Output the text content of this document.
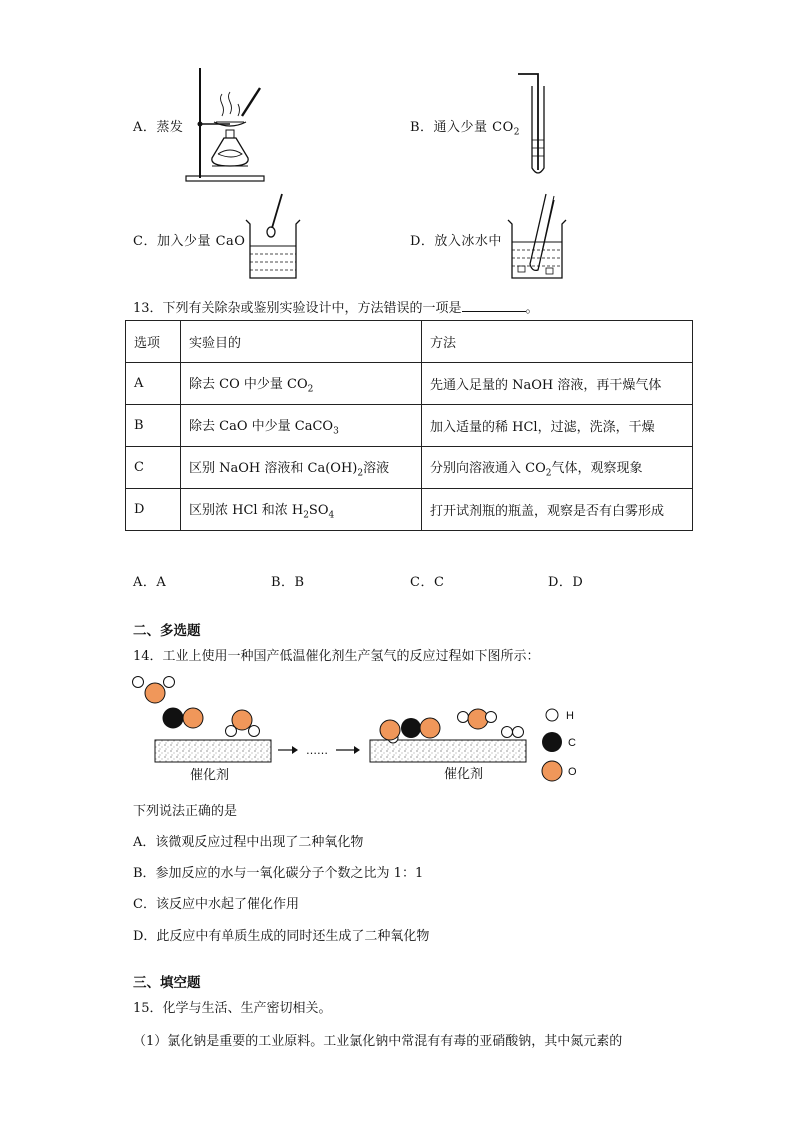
A．蒸发	B．通入少量 $CO_2$
C．加入少量 CaO	D．放入冰水中
13．下列有关除杂或鉴别实验设计中，方法错误的一项是	。
选项	实验目的	方法
A	除去 CO 中少量 $CO_2$	先通入足量的 NaOH 溶液，再干燥气体
B	除去 CaO 中少量 CaCO$_3$	加入适量的稀 HCl，过滤，洗涤，干燥
C	区别 NaOH 溶液和 $Ca(OH)_2$溶液	分别向溶液通入 $CO_2$气体，观察现象
D	区别浓 HCl 和浓 $H_2SO_4$	打开试剂瓶的瓶盖，观察是否有白雾形成
A．A	B．B	C．C	D．D
二、多选题
14．工业上使用一种国产低温催化剂生产氢气的反应过程如下图所示：
催化剂
……
催化剂
H
C
O
下列说法正确的是
A．该微观反应过程中出现了二种氧化物
B．参加反应的水与一氧化碳分子个数之比为 1：1
C．该反应中水起了催化作用
D．此反应中有单质生成的同时还生成了二种氧化物
三、填空题
15．化学与生活、生产密切相关。
（1）氯化钠是重要的工业原料。工业氯化钠中常混有有毒的亚硝酸钠，其中氮元素的
